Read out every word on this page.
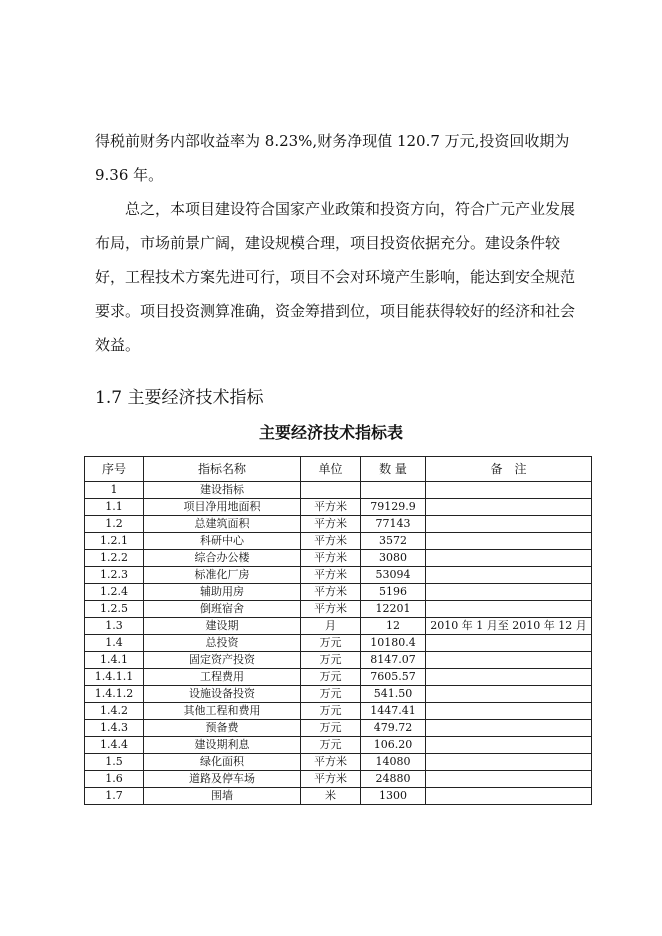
得税前财务内部收益率为 8.23%,财务净现值 120.7 万元,投资回收期为 9.36 年。

总之，本项目建设符合国家产业政策和投资方向，符合广元产业发展布局，市场前景广阔，建设规模合理，项目投资依据充分。建设条件较好，工程技术方案先进可行，项目不会对环境产生影响，能达到安全规范要求。项目投资测算准确，资金筹措到位，项目能获得较好的经济和社会效益。

1.7 主要经济技术指标
主要经济技术指标表
序号	指标名称	单位	数 量	备　注
1	建设指标			
1.1	项目净用地面积	平方米	79129.9	
1.2	总建筑面积	平方米	77143	
1.2.1	科研中心	平方米	3572	
1.2.2	综合办公楼	平方米	3080	
1.2.3	标准化厂房	平方米	53094	
1.2.4	辅助用房	平方米	5196	
1.2.5	倒班宿舍	平方米	12201	
1.3	建设期	月	12	2010 年 1 月至 2010 年 12 月
1.4	总投资	万元	10180.4	
1.4.1	固定资产投资	万元	8147.07	
1.4.1.1	工程费用	万元	7605.57	
1.4.1.2	设施设备投资	万元	541.50	
1.4.2	其他工程和费用	万元	1447.41	
1.4.3	预备费	万元	479.72	
1.4.4	建设期利息	万元	106.20	
1.5	绿化面积	平方米	14080	
1.6	道路及停车场	平方米	24880	
1.7	围墙	米	1300	
